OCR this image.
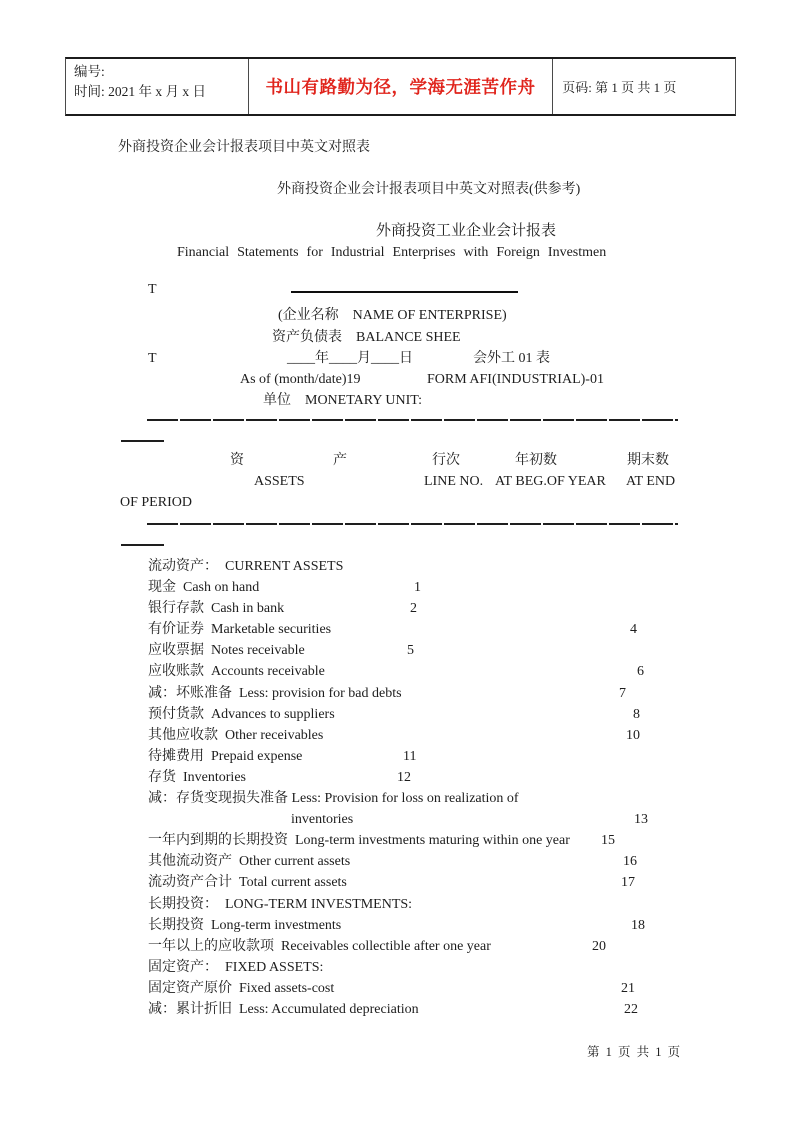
编号:
时间: 2021 年 x 月 x 日	书山有路勤为径，学海无涯苦作舟 页码: 第 1 页 共 1 页
外商投资企业会计报表项目中英文对照表
外商投资企业会计报表项目中英文对照表(供参考)
外商投资工业企业会计报表
Financial Statements for Industrial Enterprises with Foreign Investmen
T
(企业名称　NAME OF ENTERPRISE)
资产负债表　BALANCE SHEE
T	____年____月____日	会外工 01 表
As of (month/date)19	FORM AFI(INDUSTRIAL)-01
单位　MONETARY UNIT:
资	产	行次	年初数	期末数
ASSETS	LINE NO. AT BEG.OF YEAR AT END
OF PERIOD
流动资产：  CURRENT ASSETS
现金  Cash on hand	1
银行存款  Cash in bank	2
有价证券  Marketable securities	4
应收票据  Notes receivable	5
应收账款  Accounts receivable	6
减：坏账准备  Less: provision for bad debts	7
预付货款  Advances to suppliers	8
其他应收款  Other receivables	10
待摊费用  Prepaid expense	11
存货  Inventories	12
减：存货变现损失准备 Less: Provision for loss on realization of
inventories	13
一年内到期的长期投资  Long-term investments maturing within one year 15
其他流动资产  Other current assets	16
流动资产合计  Total current assets	17
长期投资：  LONG-TERM INVESTMENTS:
长期投资  Long-term investments	18
一年以上的应收款项  Receivables collectible after one year	20
固定资产：  FIXED ASSETS:
固定资产原价  Fixed assets-cost	21
减：累计折旧  Less: Accumulated depreciation	22
第 1 页 共 1 页
